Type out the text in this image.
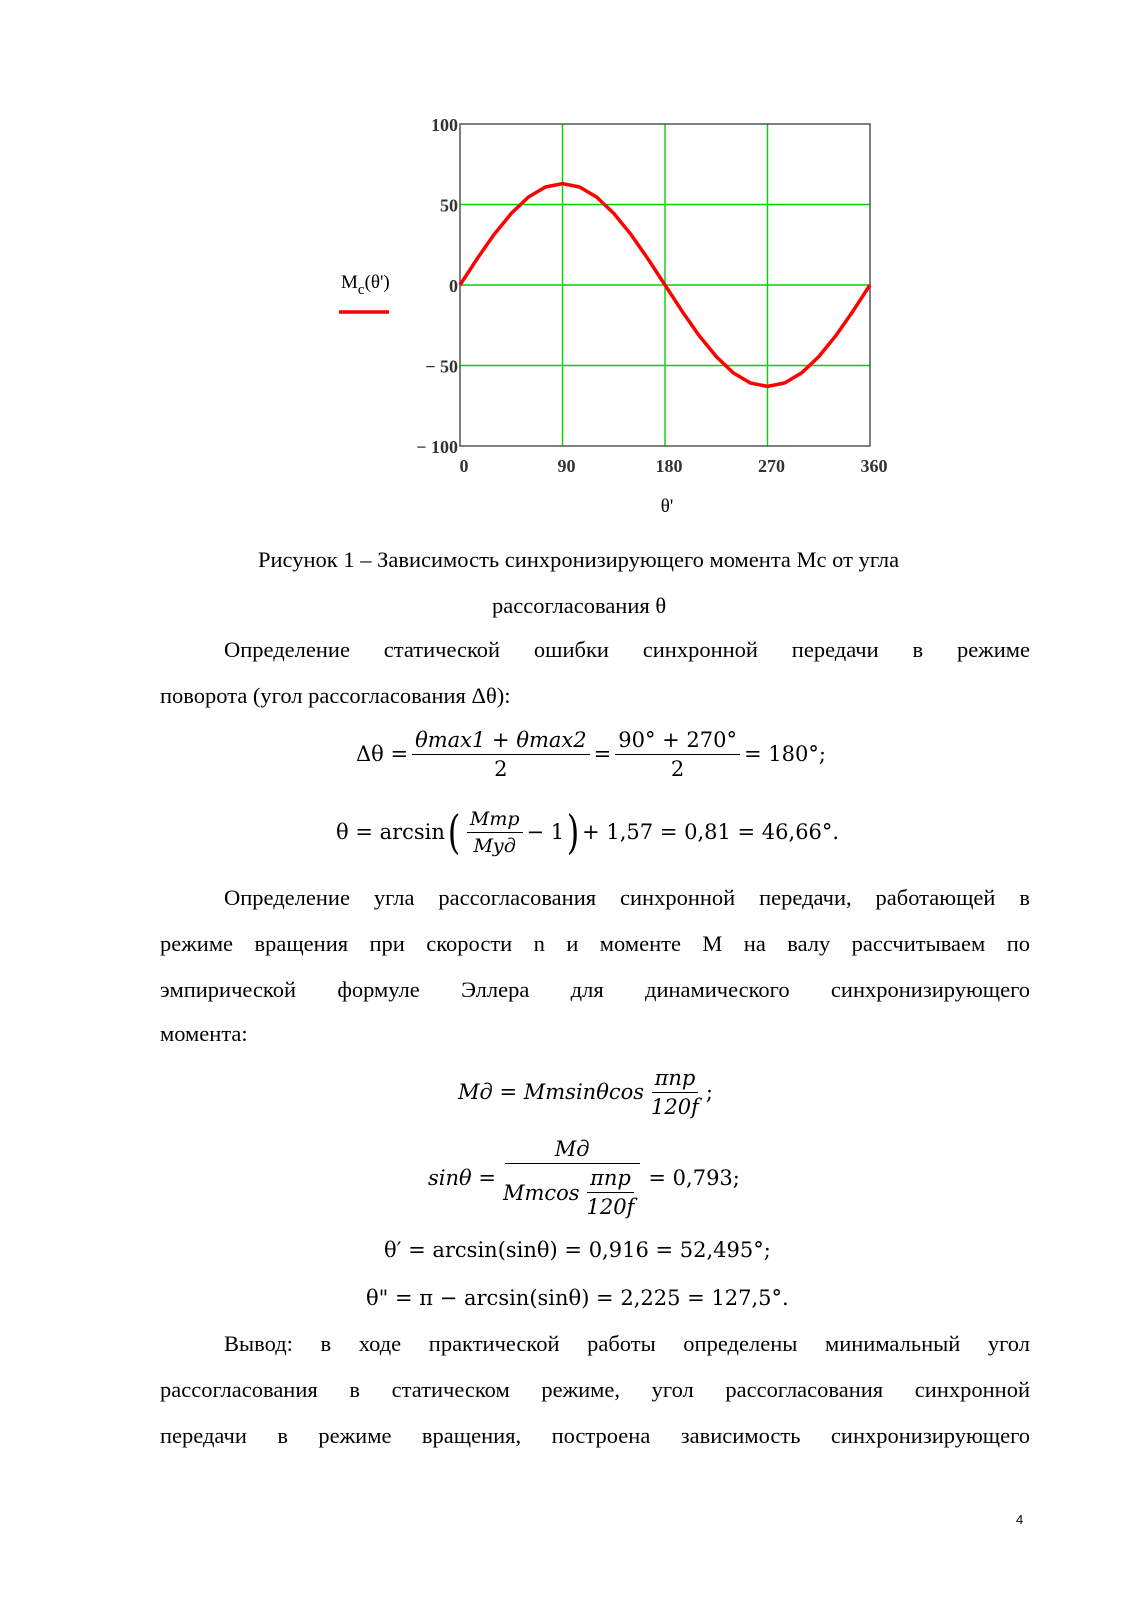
− 100
− 50
0
50
100
0	90	180	270	360
$M_c(\theta')$
θ'
Рисунок 1 – Зависимость синхронизирующего момента Mс от угла
рассогласования θ
Определение статической ошибки синхронной передачи в режиме
поворота (угол рассогласования Δθ):
$\Delta\theta = \frac{\theta\max 1 + \theta\max 2}{2} = \frac{90^\circ + 270^\circ}{2} = 180^\circ$;
θ = arcsin ( $\frac{\text{Mтр}}{\text{Mуд}} - 1$ ) + 1,57 = 0,81 = 46,66°.
Определение угла рассогласования синхронной передачи, работающей в
режиме вращения при скорости n и моменте M на валу рассчитываем по
эмпирической формуле Эллера для динамического синхронизирующего
момента:
Mд = Mmsinθcos $\frac{\text{πnp}}{120f}$ ;
$\sin\theta = \frac{Mд}{Mmcos \frac{\text{πnp}}{120f}} = 0,793$;
θ′ = arcsin(sinθ) = 0,916 = 52,495°;
θ" = π − arcsin(sinθ) = 2,225 = 127,5°.
Вывод: в ходе практической работы определены минимальный угол
рассогласования в статическом режиме, угол рассогласования синхронной
передачи в режиме вращения, построена зависимость синхронизирующего
4
